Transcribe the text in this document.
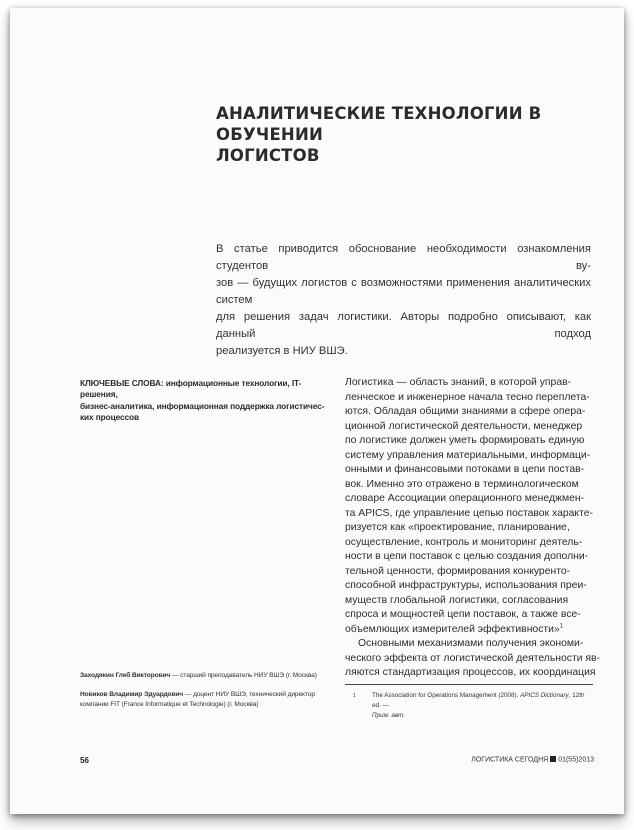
АНАЛИТИЧЕСКИЕ ТЕХНОЛОГИИ В ОБУЧЕНИИ
ЛОГИСТОВ

В статье приводится обоснование необходимости ознакомления студентов ву-
зов — будущих логистов с возможностями применения аналитических систем
для решения задач логистики. Авторы подробно описывают, как данный подход
реализуется в НИУ ВШЭ.

КЛЮЧЕВЫЕ СЛОВА: информационные технологии, IT-решения,
бизнес-аналитика, информационная поддержка логистичес-
ких процессов
Логистика — область знаний, в которой управ-
ленческое и инженерное начала тесно переплета-
ются. Обладая общими знаниями в сфере опера-
ционной логистической деятельности, менеджер
по логистике должен уметь формировать единую
систему управления материальными, информаци-
онными и финансовыми потоками в цепи постав-
вок. Именно это отражено в терминологическом
словаре Ассоциации операционного менеджмен-
та APICS, где управление цепью поставок характе-
ризуется как «проектирование, планирование,
осуществление, контроль и мониторинг деятель-
ности в цепи поставок с целью создания дополни-
тельной ценности, формирования конкуренто-
способной инфраструктуры, использования преи-
муществ глобальной логистики, согласования
спроса и мощностей цепи поставок, а также все-
объемлющих измерителей эффективности»$^1$
Основными механизмами получения экономи-
ческого эффекта от логистической деятельности яв-
ляются стандартизация процессов, их координация
Заходякин Глеб Викторович — старший преподаватель НИУ ВШЭ (г. Москва)
Новиков Владимир Эдуардович — доцент НИУ ВШЭ, технический директор компании FIT (France Informatique et Technologie) (г. Москва)
1	The Association for Operations Management (2008). APICS Dictionary, 12th ed. —
Прим. авт.
56	ЛОГИСТИКА СЕГОДНЯ 01(55)2013
